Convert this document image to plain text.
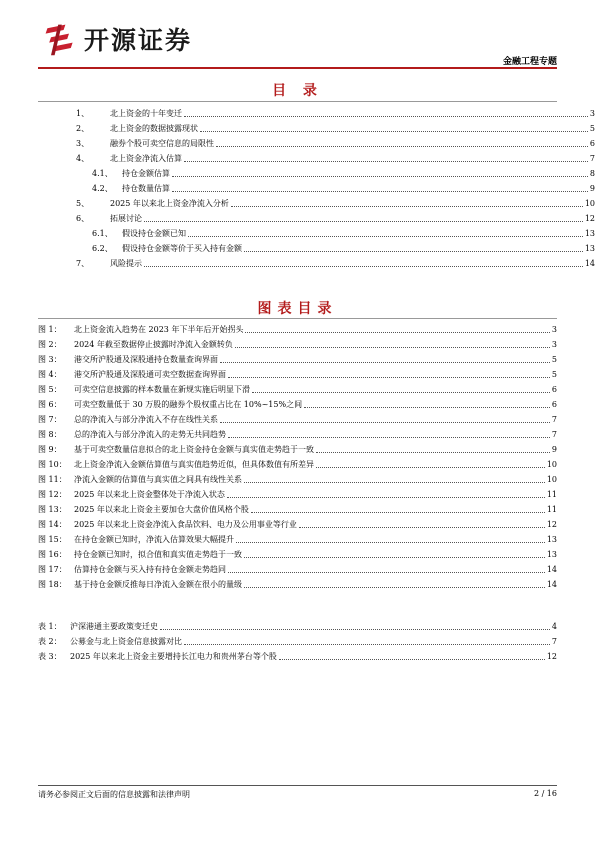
开源证券
金融工程专题
目 录
1、	北上资金的十年变迁	3
2、	北上资金的数据披露现状	5
3、	融券个股可卖空信息的局限性	6
4、	北上资金净流入估算	7
4.1、	持仓金额估算	8
4.2、	持仓数量估算	9
5、	2025 年以来北上资金净流入分析	10
6、	拓展讨论	12
6.1、	假设持仓金额已知	13
6.2、	假设持仓金额等价于买入持有金额	13
7、	风险提示	14
图表目录
图 1：	北上资金流入趋势在 2023 年下半年后开始拐头	3
图 2：	2024 年截至数据停止披露时净流入金额转负	3
图 3：	港交所沪股通及深股通持仓数量查询界面	5
图 4：	港交所沪股通及深股通可卖空数据查询界面	5
图 5：	可卖空信息披露的样本数量在新规实施后明显下滑	6
图 6：	可卖空数量低于 30 万股的融券个股权重占比在 10%~15%之间	6
图 7：	总的净流入与部分净流入不存在线性关系	7
图 8：	总的净流入与部分净流入的走势无共同趋势	7
图 9：	基于可卖空数量信息拟合的北上资金持仓金额与真实值走势趋于一致	9
图 10： 北上资金净流入金额估算值与真实值趋势近似，但具体数值有所差异	10
图 11： 净流入金额的估算值与真实值之间具有线性关系	10
图 12： 2025 年以来北上资金整体处于净流入状态	11
图 13： 2025 年以来北上资金主要加仓大盘价值风格个股	11
图 14： 2025 年以来北上资金净流入食品饮料、电力及公用事业等行业	12
图 15： 在持仓金额已知时，净流入估算效果大幅提升	13
图 16： 持仓金额已知时，拟合值和真实值走势趋于一致	13
图 17： 估算持仓金额与买入持有持仓金额走势趋同	14
图 18： 基于持仓金额反推每日净流入金额在很小的量级	14
表 1：	沪深港通主要政策变迁史	4
表 2：	公募金与北上资金信息披露对比	7
表 3：	2025 年以来北上资金主要增持长江电力和贵州茅台等个股	12
请务必参阅正文后面的信息披露和法律声明	2 / 16
